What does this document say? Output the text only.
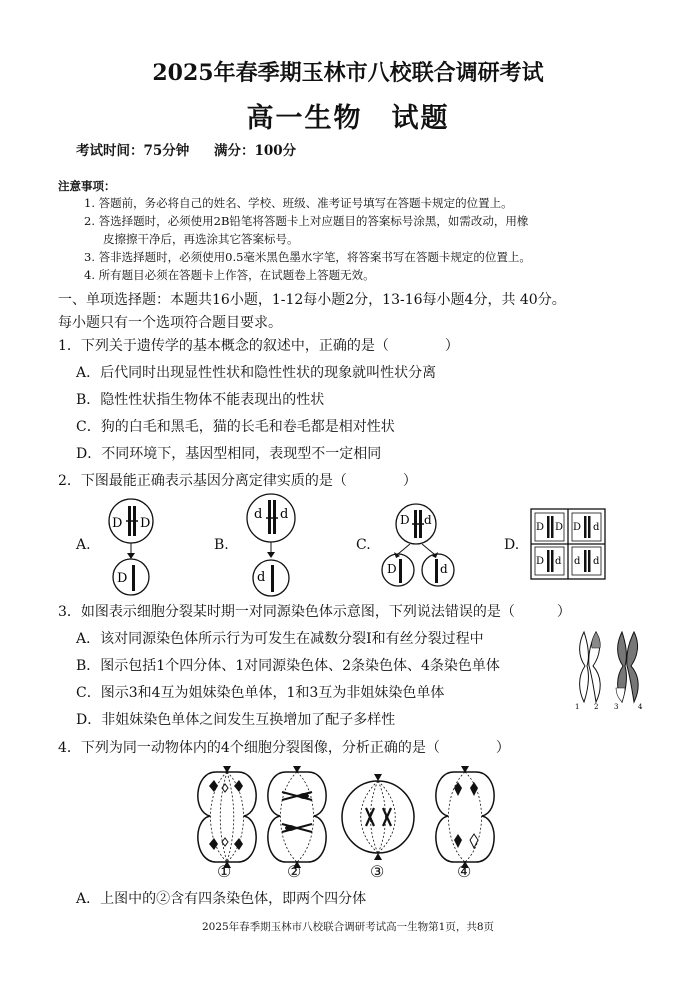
2025年春季期玉林市八校联合调研考试
高一生物　试题
考试时间：75分钟 满分：100分
注意事项：
1. 答题前，务必将自己的姓名、学校、班级、准考证号填写在答题卡规定的位置上。
2. 答选择题时，必须使用2B铅笔将答题卡上对应题目的答案标号涂黑，如需改动，用橡
皮擦擦干净后，再选涂其它答案标号。
3. 答非选择题时，必须使用0.5毫米黑色墨水字笔，将答案书写在答题卡规定的位置上。
4. 所有题目必须在答题卡上作答，在试题卷上答题无效。
一、单项选择题：本题共16小题，1-12每小题2分，13-16每小题4分，共 40分。
每小题只有一个选项符合题目要求。
1．下列关于遗传学的基本概念的叙述中，正确的是（　　　　）
A．后代同时出现显性性状和隐性性状的现象就叫性状分离
B．隐性性状指生物体不能表现出的性状
C．狗的白毛和黑毛，猫的长毛和卷毛都是相对性状
D．不同环境下，基因型相同，表现型不一定相同
2．下图最能正确表示基因分离定律实质的是（　　　　）
A.	B.	C.	D.
D D
D
d d
d
D d
D	d
D D D d
D d d d
3．如图表示细胞分裂某时期一对同源染色体示意图，下列说法错误的是（　　　）
A．该对同源染色体所示行为可发生在减数分裂Ⅰ和有丝分裂过程中
B．图示包括1个四分体、1对同源染色体、2条染色体、4条染色单体
C．图示3和4互为姐妹染色单体，1和3互为非姐妹染色单体
D．非姐妹染色单体之间发生互换增加了配子多样性
1 2 3	4
4．下列为同一动物体内的4个细胞分裂图像，分析正确的是（　　　　）
①	②	③	④
A．上图中的②含有四条染色体，即两个四分体
2025年春季期玉林市八校联合调研考试高一生物第1页，共8页
